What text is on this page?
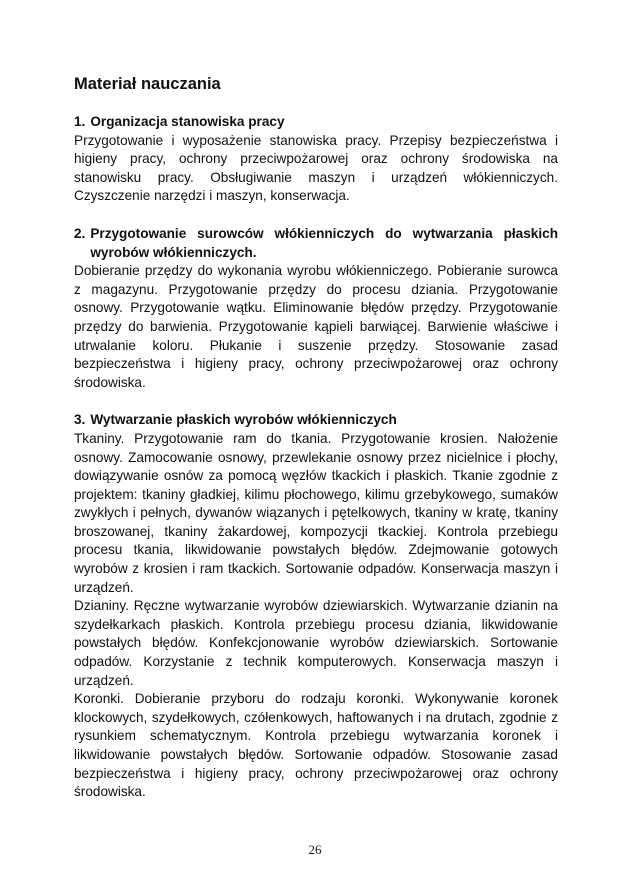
Materiał nauczania
1. Organizacja stanowiska pracy

Przygotowanie i wyposażenie stanowiska pracy. Przepisy bezpieczeństwa i higieny pracy, ochrony przeciwpożarowej oraz ochrony środowiska na stanowisku pracy. Obsługiwanie maszyn i urządzeń włókienniczych. Czyszczenie narzędzi i maszyn, konserwacja.

2. Przygotowanie surowców włókienniczych do wytwarzania płaskich wyrobów włókienniczych.

Dobieranie przędzy do wykonania wyrobu włókienniczego. Pobieranie surowca z magazynu. Przygotowanie przędzy do procesu dziania. Przygotowanie osnowy. Przygotowanie wątku. Eliminowanie błędów przędzy. Przygotowanie przędzy do barwienia. Przygotowanie kąpieli barwiącej. Barwienie właściwe i utrwalanie koloru. Płukanie i suszenie przędzy. Stosowanie zasad bezpieczeństwa i higieny pracy, ochrony przeciwpożarowej oraz ochrony środowiska.

3. Wytwarzanie płaskich wyrobów włókienniczych

Tkaniny. Przygotowanie ram do tkania. Przygotowanie krosien. Nałożenie osnowy. Zamocowanie osnowy, przewlekanie osnowy przez nicielnice i płochy, dowiązywanie osnów za pomocą węzłów tkackich i płaskich. Tkanie zgodnie z projektem: tkaniny gładkiej, kilimu płochowego, kilimu grzebykowego, sumaków zwykłych i pełnych, dywanów wiązanych i pętelkowych, tkaniny w kratę, tkaniny broszowanej, tkaniny żakardowej, kompozycji tkackiej. Kontrola przebiegu procesu tkania, likwidowanie powstałych błędów. Zdejmowanie gotowych wyrobów z krosien i ram tkackich. Sortowanie odpadów. Konserwacja maszyn i urządzeń.

Dzianiny. Ręczne wytwarzanie wyrobów dziewiarskich. Wytwarzanie dzianin na szydełkarkach płaskich. Kontrola przebiegu procesu dziania, likwidowanie powstałych błędów. Konfekcjonowanie wyrobów dziewiarskich. Sortowanie odpadów. Korzystanie z technik komputerowych. Konserwacja maszyn i urządzeń.

Koronki. Dobieranie przyboru do rodzaju koronki. Wykonywanie koronek klockowych, szydełkowych, czółenkowych, haftowanych i na drutach, zgodnie z rysunkiem schematycznym. Kontrola przebiegu wytwarzania koronek i likwidowanie powstałych błędów. Sortowanie odpadów. Stosowanie zasad bezpieczeństwa i higieny pracy, ochrony przeciwpożarowej oraz ochrony środowiska.

26
